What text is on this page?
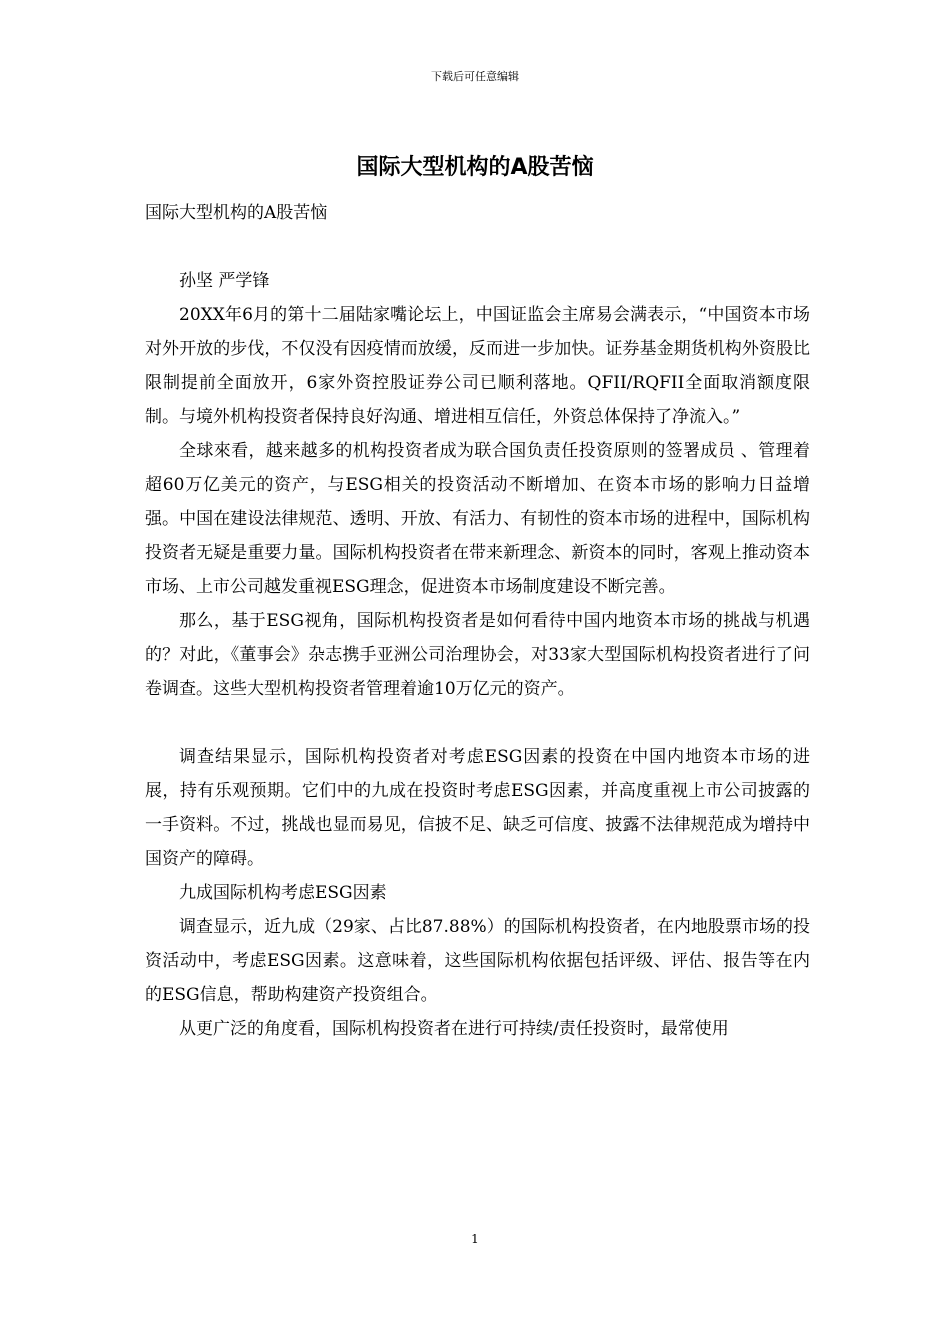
下载后可任意编辑
国际大型机构的A股苦恼

国际大型机构的A股苦恼

孙坚 严学锋

20XX年6月的第十二届陆家嘴论坛上，中国证监会主席易会满表示，“中国资本市场对外开放的步伐，不仅没有因疫情而放缓，反而进一步加快。证券基金期货机构外资股比限制提前全面放开，6家外资控股证券公司已顺利落地。QFII/RQFII全面取消额度限制。与境外机构投资者保持良好沟通、增进相互信任，外资总体保持了净流入。”

全球來看，越来越多的机构投资者成为联合国负责任投资原则的签署成员 、管理着超60万亿美元的资产，与ESG相关的投资活动不断增加、在资本市场的影响力日益增强。中国在建设法律规范、透明、开放、有活力、有韧性的资本市场的进程中，国际机构投资者无疑是重要力量。国际机构投资者在带来新理念、新资本的同时，客观上推动资本市场、上市公司越发重视ESG理念，促进资本市场制度建设不断完善。

那么，基于ESG视角，国际机构投资者是如何看待中国内地资本市场的挑战与机遇的？对此，《董事会》杂志携手亚洲公司治理协会，对33家大型国际机构投资者进行了问卷调查。这些大型机构投资者管理着逾10万亿元的资产。

调查结果显示，国际机构投资者对考虑ESG因素的投资在中国内地资本市场的进展，持有乐观预期。它们中的九成在投资时考虑ESG因素，并高度重视上市公司披露的一手资料。不过，挑战也显而易见，信披不足、缺乏可信度、披露不法律规范成为增持中国资产的障碍。

九成国际机构考虑ESG因素

调查显示，近九成（29家、占比87.88%）的国际机构投资者，在内地股票市场的投资活动中，考虑ESG因素。这意味着，这些国际机构依据包括评级、评估、报告等在内的ESG信息，帮助构建资产投资组合。

从更广泛的角度看，国际机构投资者在进行可持续/责任投资时，最常使用

1
